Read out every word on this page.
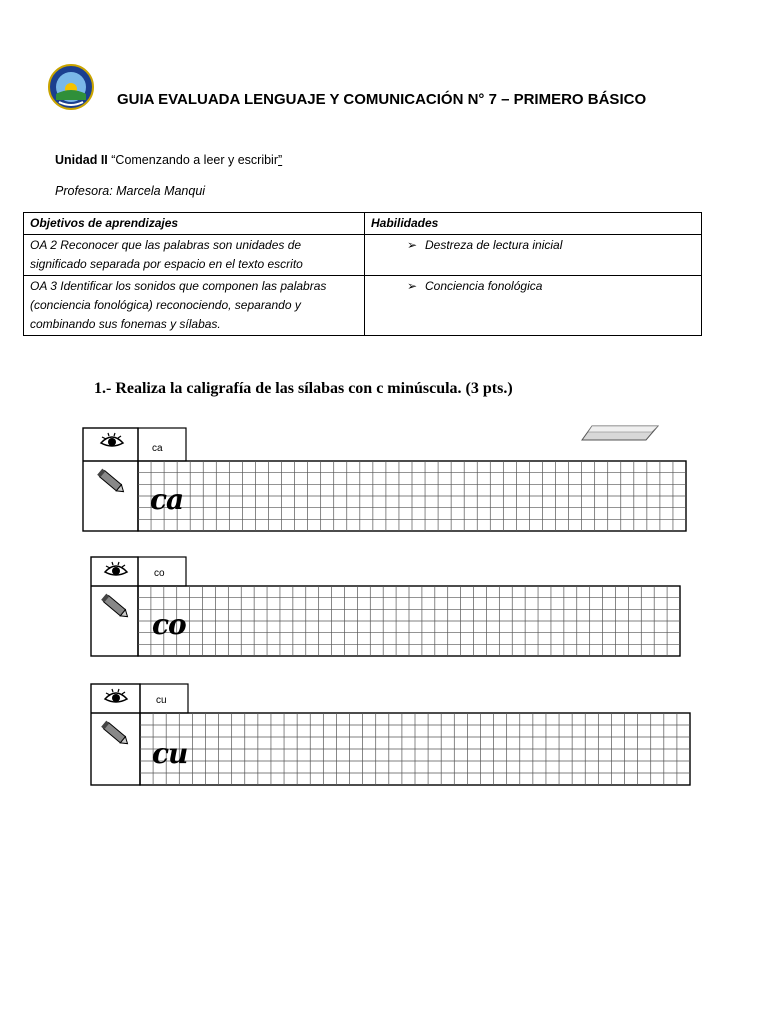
GUIA EVALUADA LENGUAJE Y COMUNICACIÓN N° 7 – PRIMERO BÁSICO
Unidad II “Comenzando a leer y escribir”
Profesora: Marcela Manqui
Objetivos de aprendizajes	Habilidades
OA 2 Reconocer que las palabras son unidades de significado separada por espacio en el texto escrito	➢ Destreza de lectura inicial
OA 3 Identificar los sonidos que componen las palabras (conciencia fonológica) reconociendo, separando y combinando sus fonemas y sílabas.	➢ Conciencia fonológica
1.- Realiza la caligrafía de las sílabas con c minúscula. (3 pts.)
ca
ca
co
co
cu
cu
